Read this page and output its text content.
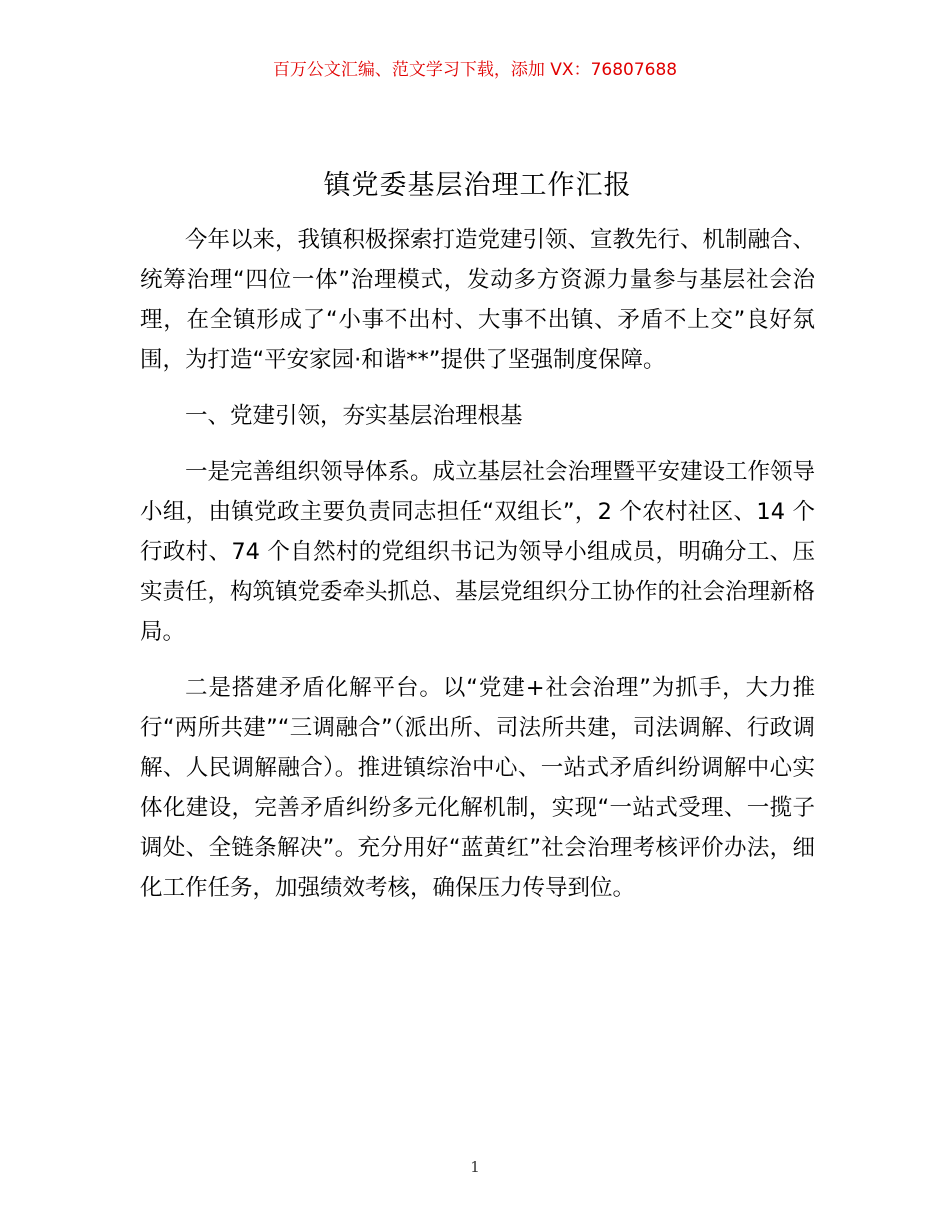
百万公文汇编、范文学习下载，添加 VX：76807688
镇党委基层治理工作汇报

今年以来，我镇积极探索打造党建引领、宣教先行、机制融合、统筹治理“四位一体”治理模式，发动多方资源力量参与基层社会治理，在全镇形成了“小事不出村、大事不出镇、矛盾不上交”良好氛围，为打造“平安家园·和谐**”提供了坚强制度保障。

一、党建引领，夯实基层治理根基

一是完善组织领导体系。成立基层社会治理暨平安建设工作领导小组，由镇党政主要负责同志担任“双组长”，2 个农村社区、14 个行政村、74 个自然村的党组织书记为领导小组成员，明确分工、压实责任，构筑镇党委牵头抓总、基层党组织分工协作的社会治理新格局。

二是搭建矛盾化解平台。以“党建+社会治理”为抓手，大力推行“两所共建”“三调融合”（派出所、司法所共建，司法调解、行政调解、人民调解融合）。推进镇综治中心、一站式矛盾纠纷调解中心实体化建设，完善矛盾纠纷多元化解机制，实现“一站式受理、一揽子调处、全链条解决”。充分用好“蓝黄红”社会治理考核评价办法，细化工作任务，加强绩效考核，确保压力传导到位。

1
